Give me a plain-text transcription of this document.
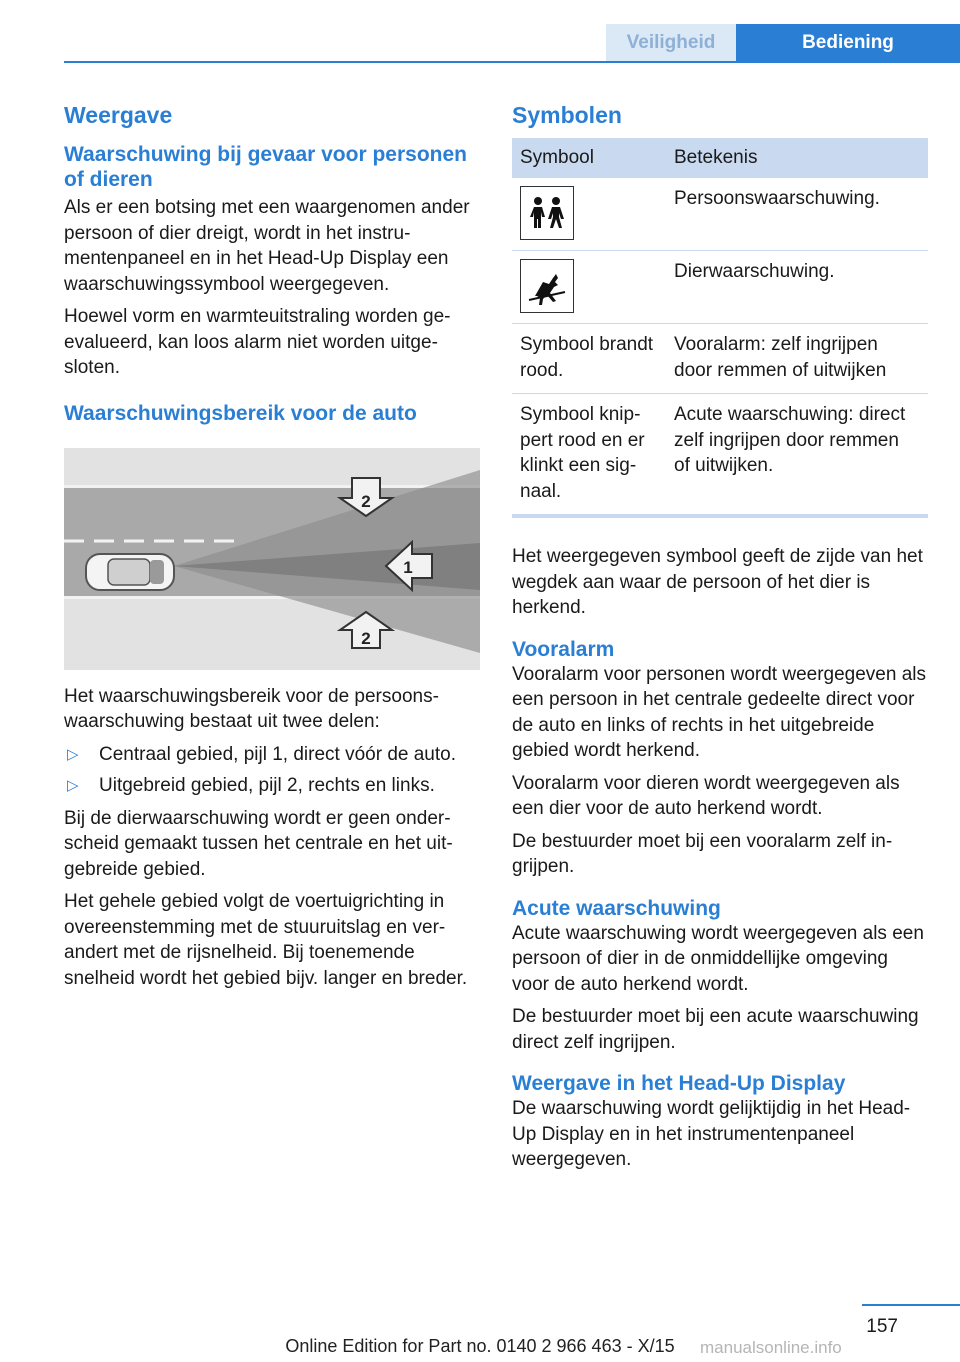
Veiligheid	Bediening
Weergave
Waarschuwing bij gevaar voor personen of dieren

Als er een botsing met een waargenomen ander persoon of dier dreigt, wordt in het instrumentenpaneel en in het Head-Up Display een waarschuwingssymbool weergegeven.

Hoewel vorm en warmteuitstraling worden geevalueerd, kan loos alarm niet worden uitgesloten.

Waarschuwingsbereik voor de auto
2
1
2

Het waarschuwingsbereik voor de persoonswaarschuwing bestaat uit twee delen:

▷ Centraal gebied, pijl 1, direct vóór de auto.
▷ Uitgebreid gebied, pijl 2, rechts en links.

Bij de dierwaarschuwing wordt er geen onderscheid gemaakt tussen het centrale en het uitgebreide gebied.

Het gehele gebied volgt de voertuigrichting in overeenstemming met de stuuruitslag en verandert met de rijsnelheid. Bij toenemende snelheid wordt het gebied bijv. langer en breder.

Symbolen
Symbool	Betekenis

	Persoonswaarschuwing.

	Dierwaarschuwing.
Symbool brandt rood.	Vooralarm: zelf ingrijpen door remmen of uitwijken
Symbool knippert rood en er klinkt een signaal.	Acute waarschuwing: direct zelf ingrijpen door remmen of uitwijken.

Het weergegeven symbool geeft de zijde van het wegdek aan waar de persoon of het dier is herkend.

Vooralarm

Vooralarm voor personen wordt weergegeven als een persoon in het centrale gedeelte direct voor de auto en links of rechts in het uitgebreide gebied wordt herkend.

Vooralarm voor dieren wordt weergegeven als een dier voor de auto herkend wordt.

De bestuurder moet bij een vooralarm zelf ingrijpen.

Acute waarschuwing

Acute waarschuwing wordt weergegeven als een persoon of dier in de onmiddellijke omgeving voor de auto herkend wordt.

De bestuurder moet bij een acute waarschuwing direct zelf ingrijpen.

Weergave in het Head-Up Display

De waarschuwing wordt gelijktijdig in het Head-Up Display en in het instrumentenpaneel weergegeven.

157
Online Edition for Part no. 0140 2 966 463 - X/15	manualsonline.info
